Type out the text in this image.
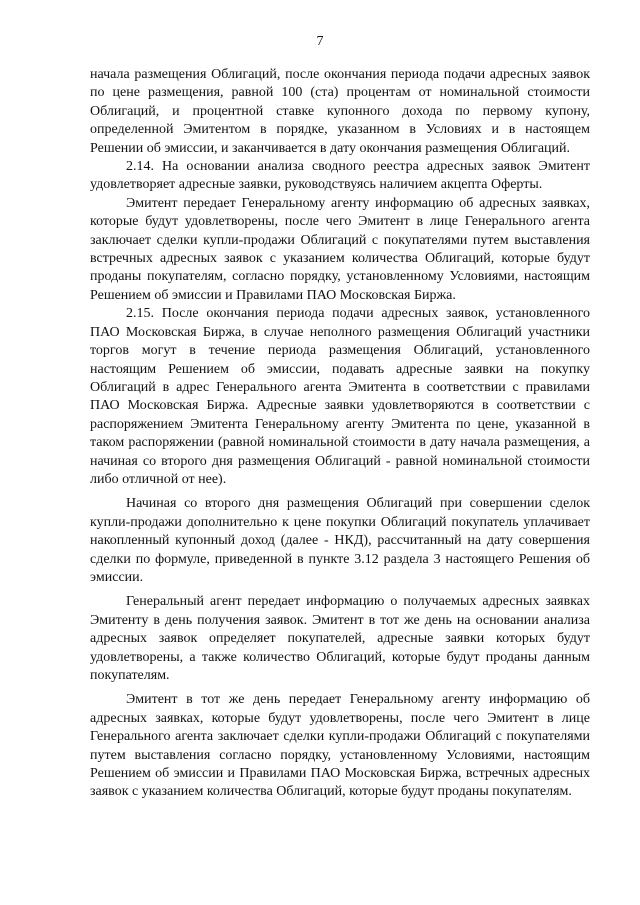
7

начала размещения Облигаций, после окончания периода подачи адресных заявок по цене размещения, равной 100 (ста) процентам от номинальной стоимости Облигаций, и процентной ставке купонного дохода по первому купону, определенной Эмитентом в порядке, указанном в Условиях и в настоящем Решении об эмиссии, и заканчивается в дату окончания размещения Облигаций.

2.14. На основании анализа сводного реестра адресных заявок Эмитент удовлетворяет адресные заявки, руководствуясь наличием акцепта Оферты.

Эмитент передает Генеральному агенту информацию об адресных заявках, которые будут удовлетворены, после чего Эмитент в лице Генерального агента заключает сделки купли-продажи Облигаций с покупателями путем выставления встречных адресных заявок с указанием количества Облигаций, которые будут проданы покупателям, согласно порядку, установленному Условиями, настоящим Решением об эмиссии и Правилами ПАО Московская Биржа.

2.15. После окончания периода подачи адресных заявок, установленного ПАО Московская Биржа, в случае неполного размещения Облигаций участники торгов могут в течение периода размещения Облигаций, установленного настоящим Решением об эмиссии, подавать адресные заявки на покупку Облигаций в адрес Генерального агента Эмитента в соответствии с правилами ПАО Московская Биржа. Адресные заявки удовлетворяются в соответствии с распоряжением Эмитента Генеральному агенту Эмитента по цене, указанной в таком распоряжении (равной номинальной стоимости в дату начала размещения, а начиная со второго дня размещения Облигаций - равной номинальной стоимости либо отличной от нее).

Начиная со второго дня размещения Облигаций при совершении сделок купли-продажи дополнительно к цене покупки Облигаций покупатель уплачивает накопленный купонный доход (далее - НКД), рассчитанный на дату совершения сделки по формуле, приведенной в пункте 3.12 раздела 3 настоящего Решения об эмиссии.

Генеральный агент передает информацию о получаемых адресных заявках Эмитенту в день получения заявок. Эмитент в тот же день на основании анализа адресных заявок определяет покупателей, адресные заявки которых будут удовлетворены, а также количество Облигаций, которые будут проданы данным покупателям.

Эмитент в тот же день передает Генеральному агенту информацию об адресных заявках, которые будут удовлетворены, после чего Эмитент в лице Генерального агента заключает сделки купли-продажи Облигаций с покупателями путем выставления согласно порядку, установленному Условиями, настоящим Решением об эмиссии и Правилами ПАО Московская Биржа, встречных адресных заявок с указанием количества Облигаций, которые будут проданы покупателям.
